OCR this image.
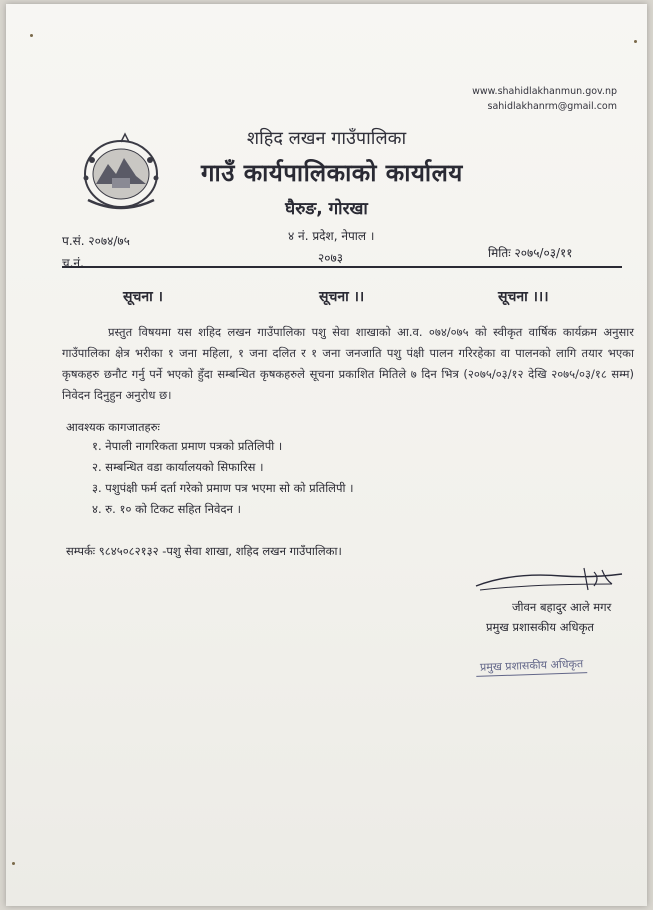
www.shahidlakhanmun.gov.np
sahidlakhanrm@gmail.com
शहिद लखन गाउँपालिका
गाउँ कार्यपालिकाको कार्यालय
घैरुङ, गोरखा
४ नं. प्रदेश, नेपाल ।
२०७३
प.सं. २०७४/७५
च.नं.
मितिः २०७५/०३/११
सूचना ।	सूचना ।।	सूचना ।।।
प्रस्तुत विषयमा यस शहिद लखन गाउँपालिका पशु सेवा शाखाको आ.व. ०७४/०७५ को स्वीकृत वार्षिक कार्यक्रम अनुसार गाउँपालिका क्षेत्र भरीका १ जना महिला, १ जना दलित र १ जना जनजाति पशु पंक्षी पालन गरिरहेका वा पालनको लागि तयार भएका कृषकहरु छनौट गर्नु पर्ने भएको हुँदा सम्बन्धित कृषकहरुले सूचना प्रकाशित मितिले ७ दिन भित्र (२०७५/०३/१२ देखि २०७५/०३/१८ सम्म) निवेदन दिनुहुन अनुरोध छ।
आवश्यक कागजातहरुः
१. नेपाली नागरिकता प्रमाण पत्रको प्रतिलिपी ।
२. सम्बन्धित वडा कार्यालयको सिफारिस ।
३. पशुपंक्षी फर्म दर्ता गरेको प्रमाण पत्र भएमा सो को प्रतिलिपी ।
४. रु. १० को टिकट सहित निवेदन ।
सम्पर्कः ९८४५०८२१३२ -पशु सेवा शाखा, शहिद लखन गाउँपालिका।
जीवन बहादुर आले मगर
प्रमुख प्रशासकीय अधिकृत
प्रमुख प्रशासकीय अधिकृत
